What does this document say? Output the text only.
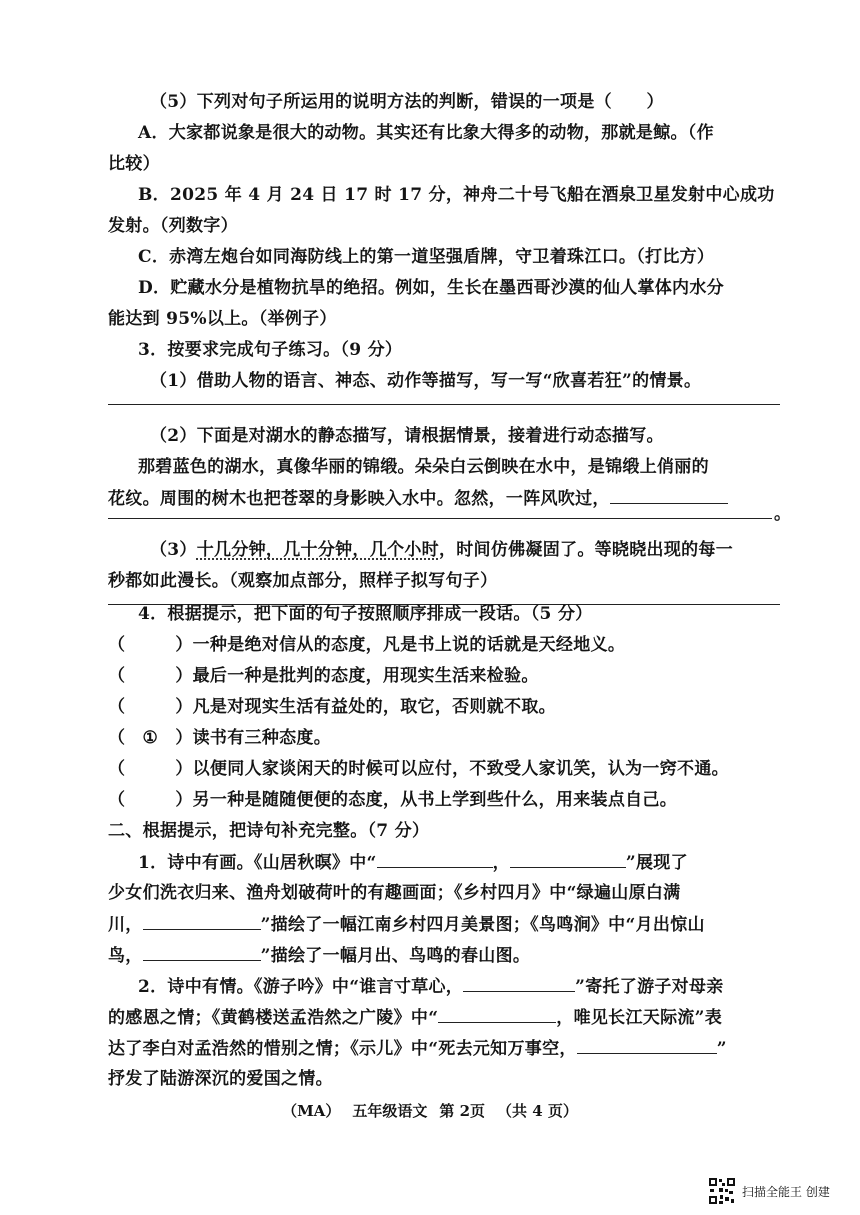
（5）下列对句子所运用的说明方法的判断，错误的一项是（　　）
A．大家都说象是很大的动物。其实还有比象大得多的动物，那就是鲸。（作
比较）
B．2025 年 4 月 24 日 17 时 17 分，神舟二十号飞船在酒泉卫星发射中心成功
发射。（列数字）
C．赤湾左炮台如同海防线上的第一道坚强盾牌，守卫着珠江口。（打比方）
D．贮藏水分是植物抗旱的绝招。例如，生长在墨西哥沙漠的仙人掌体内水分
能达到 95%以上。（举例子）
3．按要求完成句子练习。（9 分）
（1）借助人物的语言、神态、动作等描写，写一写“欣喜若狂”的情景。
（2）下面是对湖水的静态描写，请根据情景，接着进行动态描写。
那碧蓝色的湖水，真像华丽的锦缎。朵朵白云倒映在水中，是锦缎上俏丽的
花纹。周围的树木也把苍翠的身影映入水中。忽然，一阵风吹过，
。
（3）十几分钟，几十分钟，几个小时，时间仿佛凝固了。等晓晓出现的每一
秒都如此漫长。（观察加点部分，照样子拟写句子）
4．根据提示，把下面的句子按照顺序排成一段话。（5 分）
（	）一种是绝对信从的态度，凡是书上说的话就是天经地义。
（	）最后一种是批判的态度，用现实生活来检验。
（	）凡是对现实生活有益处的，取它，否则就不取。
（ ① ）读书有三种态度。
（	）以便同人家谈闲天的时候可以应付，不致受人家讥笑，认为一窍不通。
（	）另一种是随随便便的态度，从书上学到些什么，用来装点自己。
二、根据提示，把诗句补充完整。（7 分）
1．诗中有画。《山居秋暝》中“	，	”展现了
少女们洗衣归来、渔舟划破荷叶的有趣画面；《乡村四月》中“绿遍山原白满
川，	”描绘了一幅江南乡村四月美景图；《鸟鸣涧》中“月出惊山
鸟，	”描绘了一幅月出、鸟鸣的春山图。
2．诗中有情。《游子吟》中“谁言寸草心，	”寄托了游子对母亲
的感恩之情；《黄鹤楼送孟浩然之广陵》中“	，唯见长江天际流”表
达了李白对孟浩然的惜别之情；《示儿》中“死去元知万事空，	”
抒发了陆游深沉的爱国之情。
（MA） 五年级语文 第 2页 （共 4 页）
扫描全能王 创建
